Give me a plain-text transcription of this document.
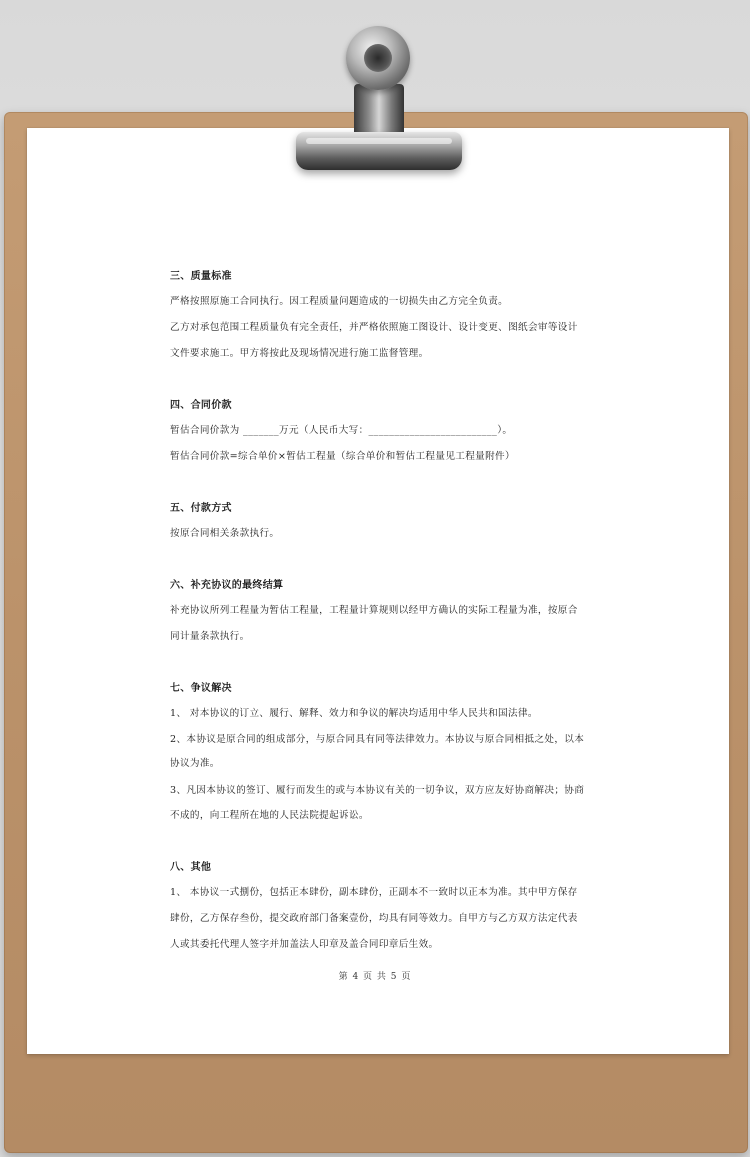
三、质量标准
严格按照原施工合同执行。因工程质量问题造成的一切损失由乙方完全负责。
乙方对承包范围工程质量负有完全责任，并严格依照施工图设计、设计变更、图纸会审等设计
文件要求施工。甲方将按此及现场情况进行施工监督管理。
四、合同价款
暂估合同价款为 _______万元（人民币大写：_________________________）。
暂估合同价款=综合单价×暂估工程量（综合单价和暂估工程量见工程量附件）
五、付款方式
按原合同相关条款执行。
六、补充协议的最终结算
补充协议所列工程量为暂估工程量，工程量计算规则以经甲方确认的实际工程量为准，按原合
同计量条款执行。
七、争议解决
1、 对本协议的订立、履行、解释、效力和争议的解决均适用中华人民共和国法律。
2、本协议是原合同的组成部分，与原合同具有同等法律效力。本协议与原合同相抵之处，以本
协议为准。
3、凡因本协议的签订、履行而发生的或与本协议有关的一切争议，双方应友好协商解决；协商
不成的，向工程所在地的人民法院提起诉讼。
八、其他
1、 本协议一式捌份，包括正本肆份，副本肆份，正副本不一致时以正本为准。其中甲方保存
肆份，乙方保存叁份，提交政府部门备案壹份，均具有同等效力。自甲方与乙方双方法定代表
人或其委托代理人签字并加盖法人印章及盖合同印章后生效。
第 4 页 共 5 页
